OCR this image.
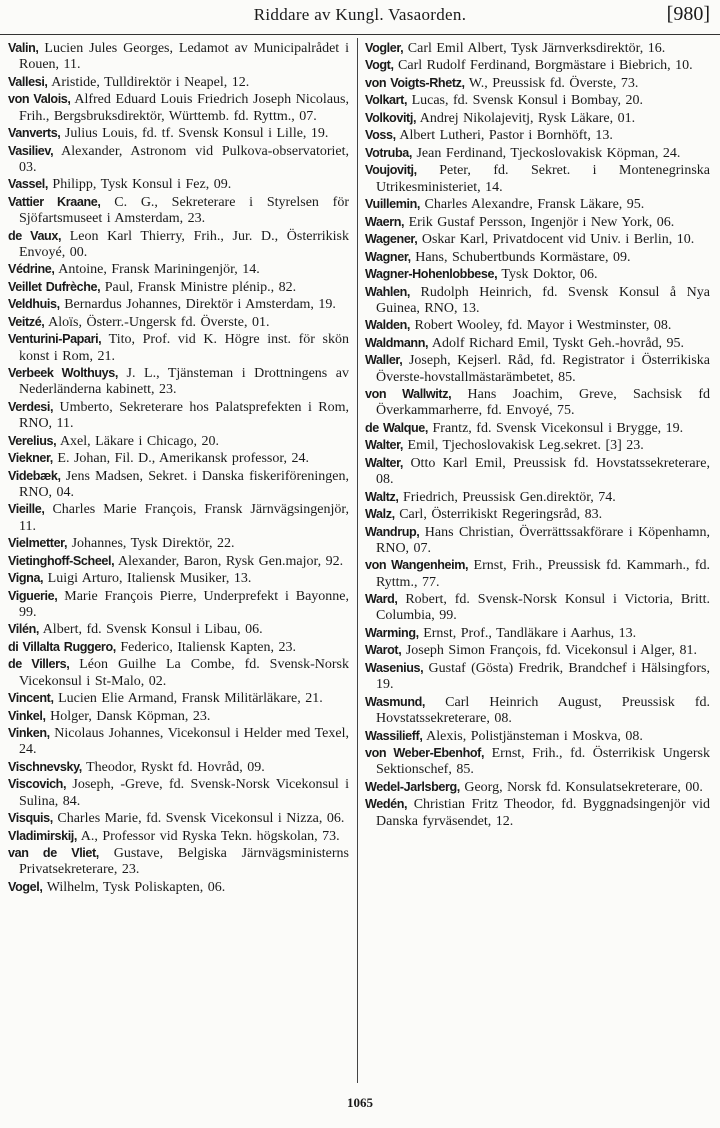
Riddare av Kungl. Vasaorden.	[980]

Valin, Lucien Jules Georges, Ledamot av Municipalrådet i Rouen, 11.

Vallesi, Aristide, Tulldirektör i Neapel, 12.

von Valois, Alfred Eduard Louis Friedrich Joseph Nicolaus, Frih., Bergsbruksdirektör, Württemb. fd. Ryttm., 07.

Vanverts, Julius Louis, fd. tf. Svensk Konsul i Lille, 19.

Vasiliev, Alexander, Astronom vid Pulkova-observatoriet, 03.

Vassel, Philipp, Tysk Konsul i Fez, 09.

Vattier Kraane, C. G., Sekreterare i Styrelsen för Sjöfartsmuseet i Amsterdam, 23.

de Vaux, Leon Karl Thierry, Frih., Jur. D., Österrikisk Envoyé, 00.

Védrine, Antoine, Fransk Mariningenjör, 14.

Veillet Dufrèche, Paul, Fransk Ministre plénip., 82.

Veldhuis, Bernardus Johannes, Direktör i Amsterdam, 19.

Veitzé, Aloïs, Österr.-Ungersk fd. Överste, 01.

Venturini-Papari, Tito, Prof. vid K. Högre inst. för skön konst i Rom, 21.

Verbeek Wolthuys, J. L., Tjänsteman i Drottningens av Nederländerna kabinett, 23.

Verdesi, Umberto, Sekreterare hos Palatsprefekten i Rom, RNO, 11.

Verelius, Axel, Läkare i Chicago, 20.

Viekner, E. Johan, Fil. D., Amerikansk professor, 24.

Videbæk, Jens Madsen, Sekret. i Danska fiskeriföreningen, RNO, 04.

Vieille, Charles Marie François, Fransk Järnvägsingenjör, 11.

Vielmetter, Johannes, Tysk Direktör, 22.

Vietinghoff-Scheel, Alexander, Baron, Rysk Gen.major, 92.

Vigna, Luigi Arturo, Italiensk Musiker, 13.

Viguerie, Marie François Pierre, Underprefekt i Bayonne, 99.

Vilén, Albert, fd. Svensk Konsul i Libau, 06.

di Villalta Ruggero, Federico, Italiensk Kapten, 23.

de Villers, Léon Guilhe La Combe, fd. Svensk-Norsk Vicekonsul i St-Malo, 02.

Vincent, Lucien Elie Armand, Fransk Militärläkare, 21.

Vinkel, Holger, Dansk Köpman, 23.

Vinken, Nicolaus Johannes, Vicekonsul i Helder med Texel, 24.

Vischnevsky, Theodor, Ryskt fd. Hovråd, 09.

Viscovich, Joseph, -Greve, fd. Svensk-Norsk Vicekonsul i Sulina, 84.

Visquis, Charles Marie, fd. Svensk Vicekonsul i Nizza, 06.

Vladimirskij, A., Professor vid Ryska Tekn. högskolan, 73.

van de Vliet, Gustave, Belgiska Järnvägsministerns Privatsekreterare, 23.

Vogel, Wilhelm, Tysk Poliskapten, 06.

Vogler, Carl Emil Albert, Tysk Järnverksdirektör, 16.

Vogt, Carl Rudolf Ferdinand, Borgmästare i Biebrich, 10.

von Voigts-Rhetz, W., Preussisk fd. Överste, 73.

Volkart, Lucas, fd. Svensk Konsul i Bombay, 20.

Volkovitj, Andrej Nikolajevitj, Rysk Läkare, 01.

Voss, Albert Lutheri, Pastor i Bornhöft, 13.

Votruba, Jean Ferdinand, Tjeckoslovakisk Köpman, 24.

Voujovitj, Peter, fd. Sekret. i Montenegrinska Utrikesministeriet, 14.

Vuillemin, Charles Alexandre, Fransk Läkare, 95.

Waern, Erik Gustaf Persson, Ingenjör i New York, 06.

Wagener, Oskar Karl, Privatdocent vid Univ. i Berlin, 10.

Wagner, Hans, Schubertbunds Kormästare, 09.

Wagner-Hohenlobbese, Tysk Doktor, 06.

Wahlen, Rudolph Heinrich, fd. Svensk Konsul å Nya Guinea, RNO, 13.

Walden, Robert Wooley, fd. Mayor i Westminster, 08.

Waldmann, Adolf Richard Emil, Tyskt Geh.-hovråd, 95.

Waller, Joseph, Kejserl. Råd, fd. Registrator i Österrikiska Överste-hovstallmästarämbetet, 85.

von Wallwitz, Hans Joachim, Greve, Sachsisk fd Överkammarherre, fd. Envoyé, 75.

de Walque, Frantz, fd. Svensk Vicekonsul i Brygge, 19.

Walter, Emil, Tjechoslovakisk Leg.sekret. [3] 23.

Walter, Otto Karl Emil, Preussisk fd. Hovstatssekreterare, 08.

Waltz, Friedrich, Preussisk Gen.direktör, 74.

Walz, Carl, Österrikiskt Regeringsråd, 83.

Wandrup, Hans Christian, Överrättssakförare i Köpenhamn, RNO, 07.

von Wangenheim, Ernst, Frih., Preussisk fd. Kammarh., fd. Ryttm., 77.

Ward, Robert, fd. Svensk-Norsk Konsul i Victoria, Britt. Columbia, 99.

Warming, Ernst, Prof., Tandläkare i Aarhus, 13.

Warot, Joseph Simon François, fd. Vicekonsul i Alger, 81.

Wasenius, Gustaf (Gösta) Fredrik, Brandchef i Hälsingfors, 19.

Wasmund, Carl Heinrich August, Preussisk fd. Hovstatssekreterare, 08.

Wassilieff, Alexis, Polistjänsteman i Moskva, 08.

von Weber-Ebenhof, Ernst, Frih., fd. Österrikisk Ungersk Sektionschef, 85.

Wedel-Jarlsberg, Georg, Norsk fd. Konsulatsekreterare, 00.

Wedén, Christian Fritz Theodor, fd. Byggnadsingenjör vid Danska fyrväsendet, 12.

1065
